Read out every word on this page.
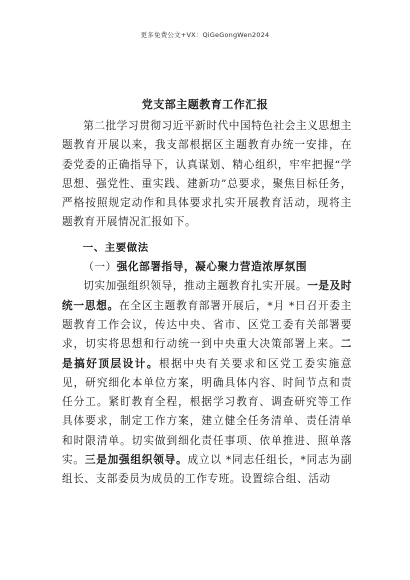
更多免费公文+VX：QiGeGongWen2024
党支部主题教育工作汇报

第二批学习贯彻习近平新时代中国特色社会主义思想主题教育开展以来，我支部根据区主题教育办统一安排，在委党委的正确指导下，认真谋划、精心组织，牢牢把握“学思想、强党性、重实践、建新功”总要求，聚焦目标任务，严格按照规定动作和具体要求扎实开展教育活动，现将主题教育开展情况汇报如下。

一、主要做法

（一）强化部署指导，凝心聚力营造浓厚氛围

切实加强组织领导，推动主题教育扎实开展。一是及时统一思想。在全区主题教育部署开展后，*月 *日召开委主题教育工作会议，传达中央、省市、区党工委有关部署要求，切实将思想和行动统一到中央重大决策部署上来。二是搞好顶层设计。根据中央有关要求和区党工委实施意见，研究细化本单位方案，明确具体内容、时间节点和责任分工。紧盯教育全程，根据学习教育、调查研究等工作具体要求，制定工作方案，建立健全任务清单、责任清单和时限清单。切实做到细化责任事项、依单推进、照单落实。三是加强组织领导。成立以 *同志任组长，*同志为副组长、支部委员为成员的工作专班。设置综合组、活动
